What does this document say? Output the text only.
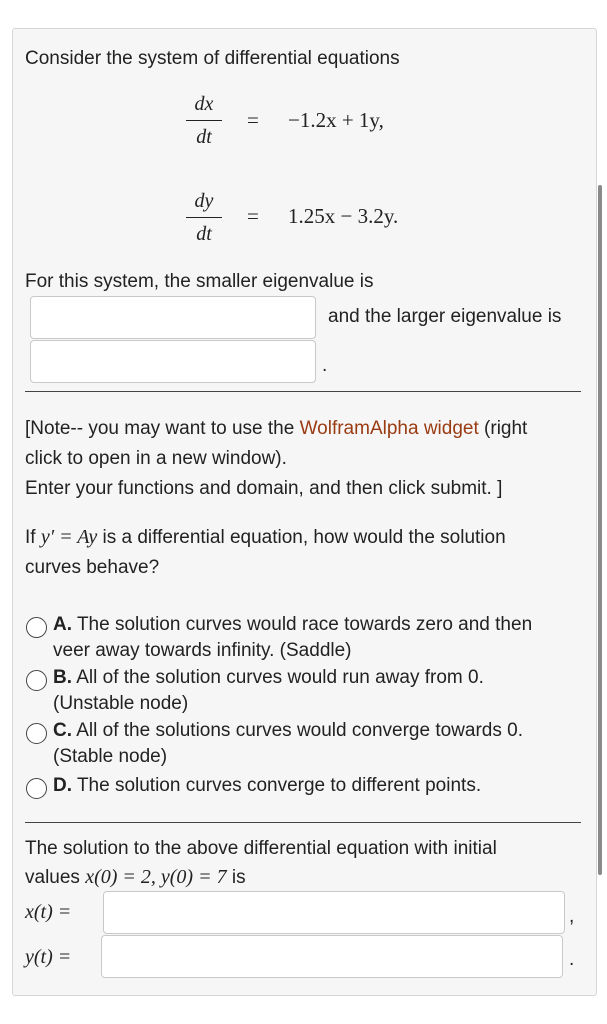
Consider the system of differential equations
dx
dt
= −1.2x + 1y,
dy
dt
= 1.25x − 3.2y.
For this system, the smaller eigenvalue is
and the larger eigenvalue is
.
[Note-- you may want to use the WolframAlpha widget (right
click to open in a new window).
Enter your functions and domain, and then click submit. ]
If y′ = Ay is a differential equation, how would the solution
curves behave?
A. The solution curves would race towards zero and then
veer away towards infinity. (Saddle)
B. All of the solution curves would run away from 0.
(Unstable node)
C. All of the solutions curves would converge towards 0.
(Stable node)
D. The solution curves converge to different points.
The solution to the above differential equation with initial
values x(0) = 2, y(0) = 7 is
x(t) =	,
y(t) =	.
